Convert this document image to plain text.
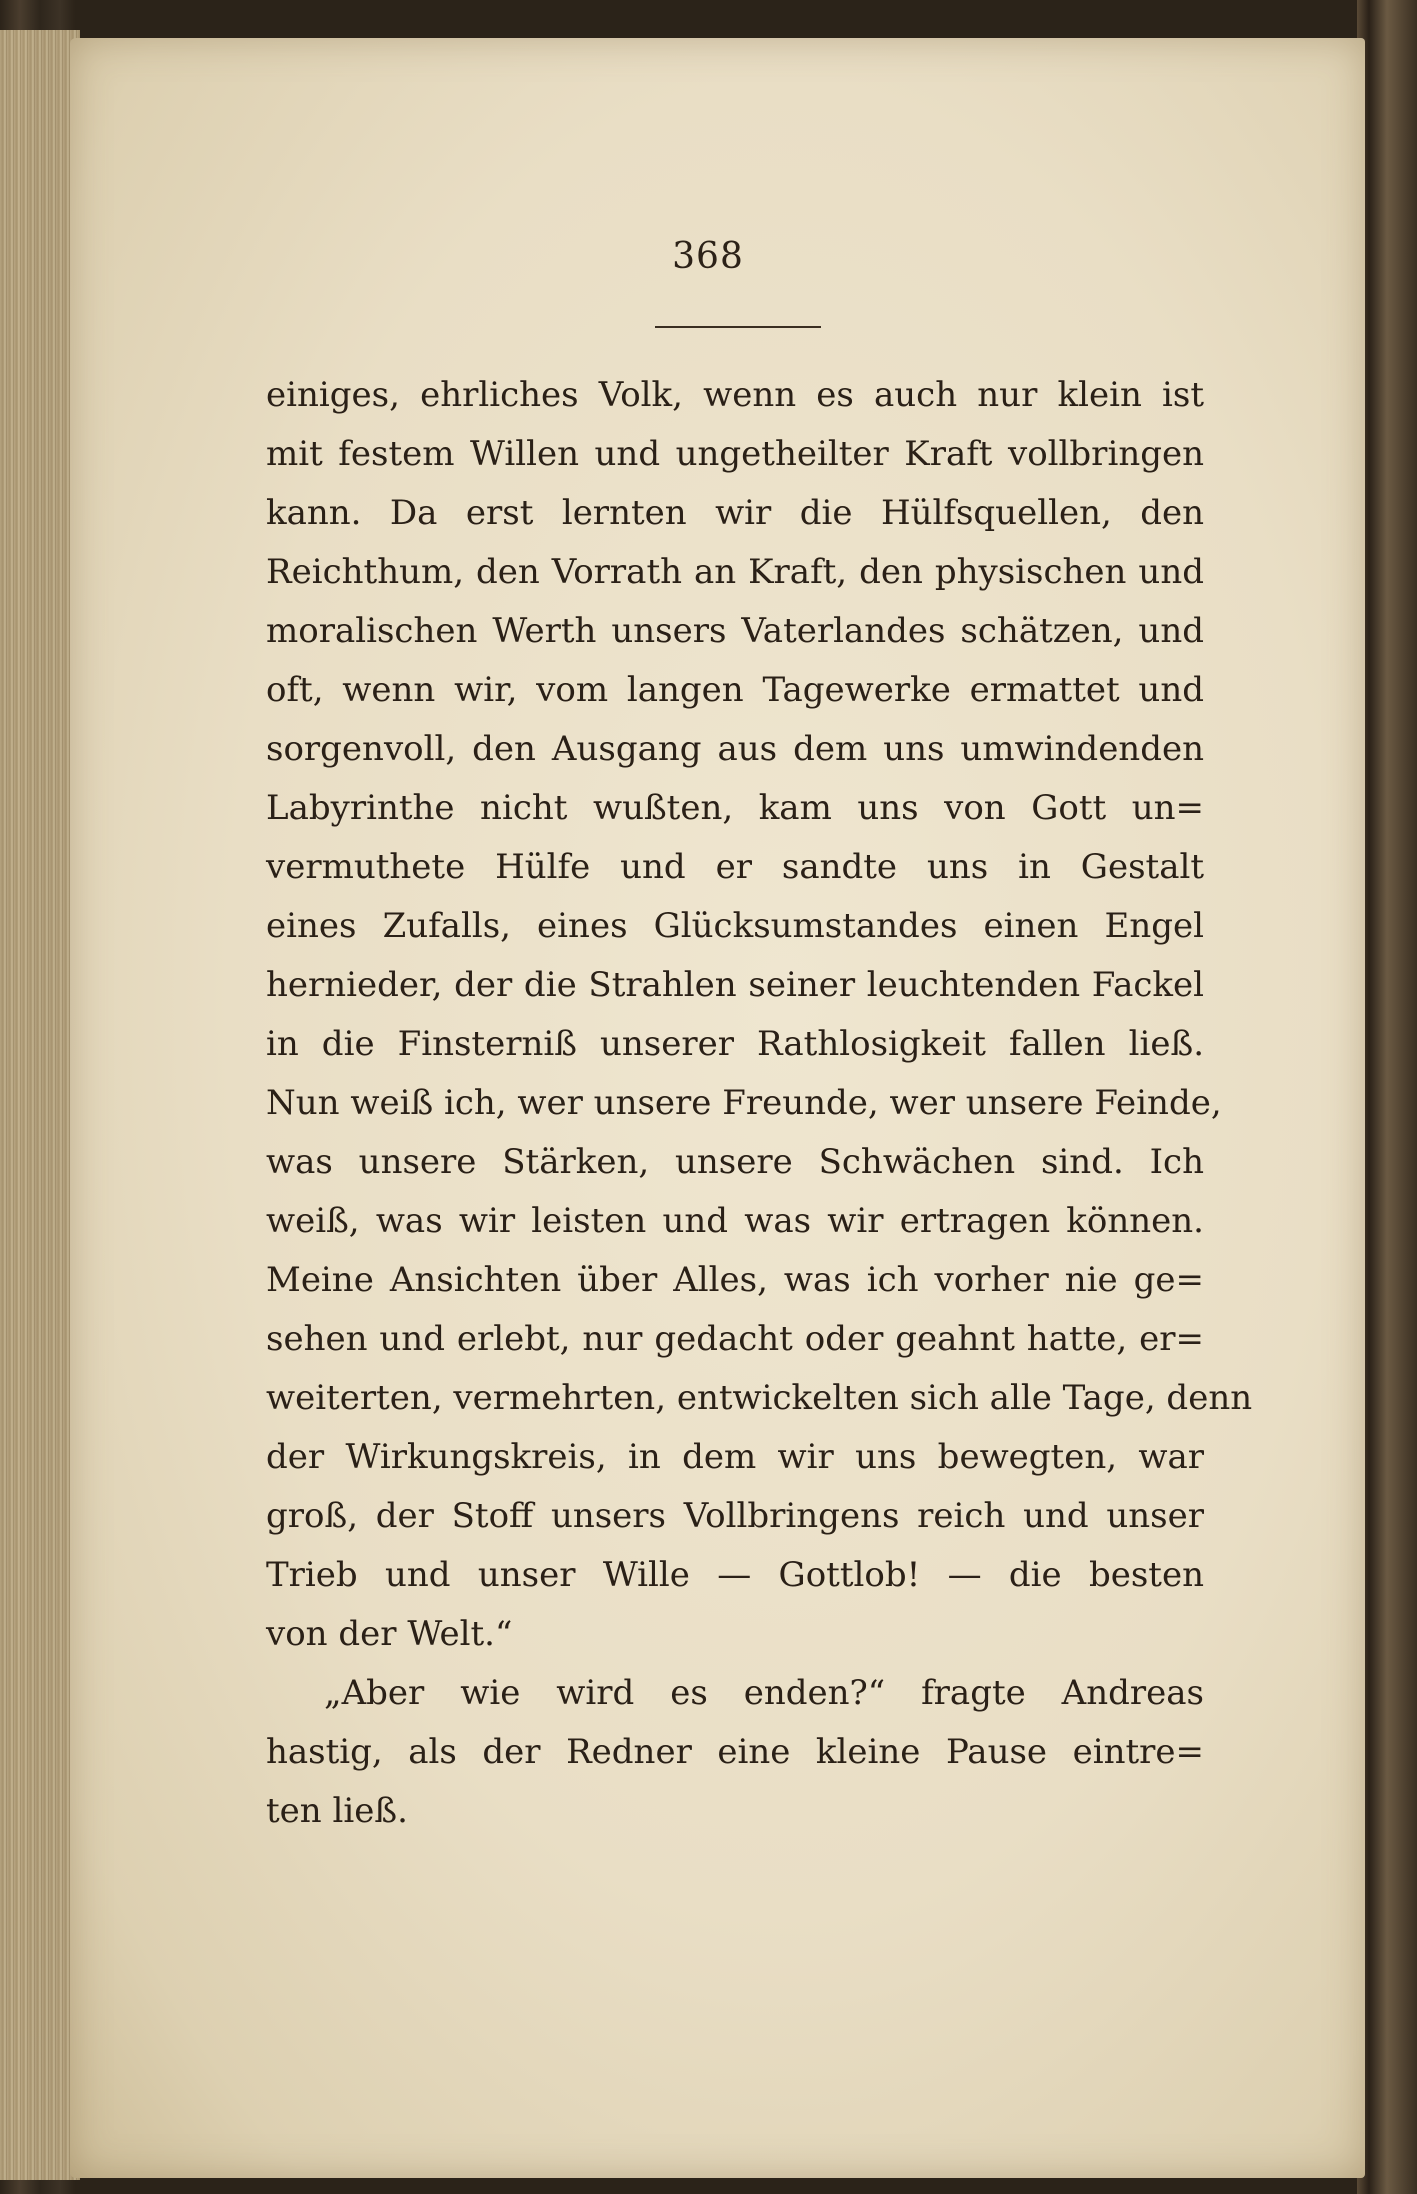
368
einiges, ehrliches Volk, wenn es auch nur klein ist
mit festem Willen und ungetheilter Kraft vollbringen
kann. Da erst lernten wir die Hülfsquellen, den
Reichthum, den Vorrath an Kraft, den physischen und
moralischen Werth unsers Vaterlandes schätzen, und
oft, wenn wir, vom langen Tagewerke ermattet und
sorgenvoll, den Ausgang aus dem uns umwindenden
Labyrinthe nicht wußten, kam uns von Gott un=
vermuthete Hülfe und er sandte uns in Gestalt
eines Zufalls, eines Glücksumstandes einen Engel
hernieder, der die Strahlen seiner leuchtenden Fackel
in die Finsterniß unserer Rathlosigkeit fallen ließ.
Nun weiß ich, wer unsere Freunde, wer unsere Feinde,
was unsere Stärken, unsere Schwächen sind. Ich
weiß, was wir leisten und was wir ertragen können.
Meine Ansichten über Alles, was ich vorher nie ge=
sehen und erlebt, nur gedacht oder geahnt hatte, er=
weiterten, vermehrten, entwickelten sich alle Tage, denn
der Wirkungskreis, in dem wir uns bewegten, war
groß, der Stoff unsers Vollbringens reich und unser
Trieb und unser Wille — Gottlob! — die besten
von der Welt.“
„Aber wie wird es enden?“ fragte Andreas
hastig, als der Redner eine kleine Pause eintre=
ten ließ.
